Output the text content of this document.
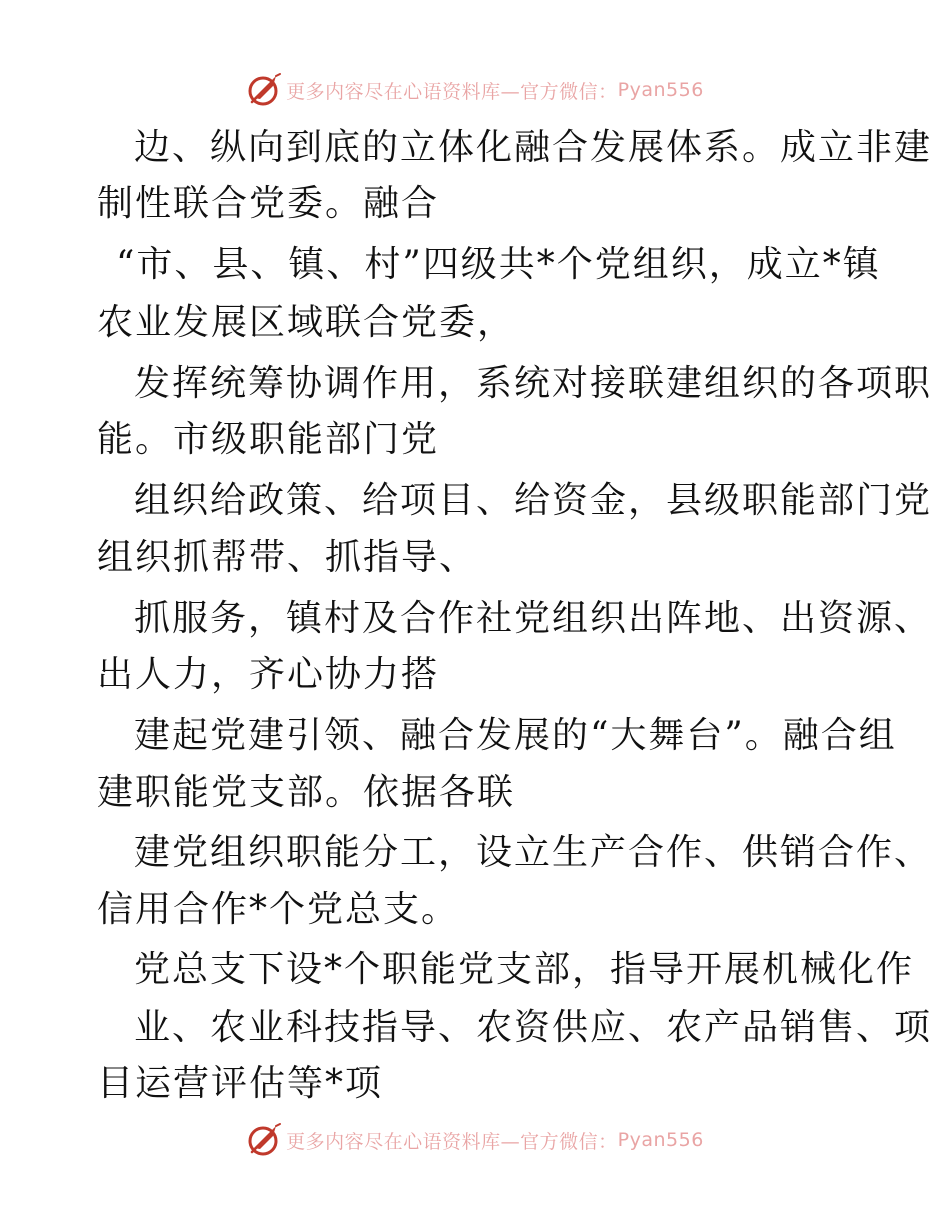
更多内容尽在心语资料库—官方微信： Pyan556
边、纵向到底的立体化融合发展体系。成立非建
制性联合党委。融合
“市、县、镇、村”四级共*个党组织，成立*镇
农业发展区域联合党委，
发挥统筹协调作用，系统对接联建组织的各项职
能。市级职能部门党
组织给政策、给项目、给资金，县级职能部门党
组织抓帮带、抓指导、
抓服务，镇村及合作社党组织出阵地、出资源、
出人力，齐心协力搭
建起党建引领、融合发展的“大舞台”。融合组
建职能党支部。依据各联
建党组织职能分工，设立生产合作、供销合作、
信用合作*个党总支。
党总支下设*个职能党支部，指导开展机械化作
业、农业科技指导、农资供应、农产品销售、项
目运营评估等*项
更多内容尽在心语资料库—官方微信： Pyan556
